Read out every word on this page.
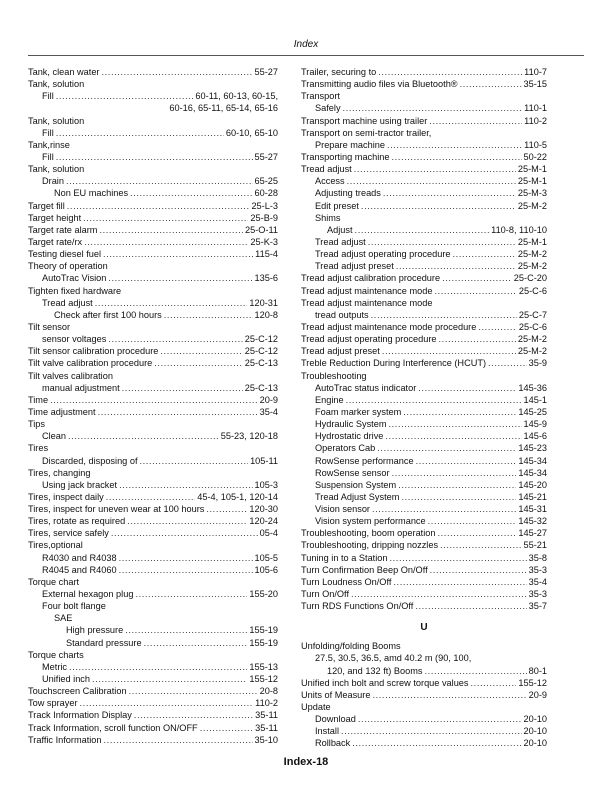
Index
Tank, clean water .....	55-27
Tank, solution
Fill .....	60-11, 60-13, 60-15,
60-16, 65-11, 65-14, 65-16
Tank, solution
Fill .....	60-10, 65-10
Tank,rinse
Fill .....	55-27
Tank, solution
Drain .....	65-25
Non EU machines .....	60-28
Target fill .....	25-L-3
Target height .....	25-B-9
Target rate alarm .....	25-O-11
Target rate/rx .....	25-K-3
Testing diesel fuel .....	115-4
Theory of operation
AutoTrac Vision .....	135-6
Tighten fixed hardware
Tread adjust .....	120-31
Check after first 100 hours .....	120-8
Tilt sensor
sensor voltages .....	25-C-12
Tilt sensor calibration procedure .....	25-C-12
Tilt valve calibration procedure .....	25-C-13
Tilt valves calibration
manual adjustment .....	25-C-13
Time .....	20-9
Time adjustment .....	35-4
Tips
Clean .....	55-23, 120-18
Tires
Discarded, disposing of .....	105-11
Tires, changing
Using jack bracket .....	105-3
Tires, inspect daily .....	45-4, 105-1, 120-14
Tires, inspect for uneven wear at 100 hours .....	120-30
Tires, rotate as required .....	120-24
Tires, service safely .....	05-4
Tires,optional
R4030 and R4038 .....	105-5
R4045 and R4060 .....	105-6
Torque chart
External hexagon plug .....	155-20
Four bolt flange
SAE
High pressure .....	155-19
Standard pressure .....	155-19
Torque charts
Metric .....	155-13
Unified inch .....	155-12
Touchscreen Calibration .....	20-8
Tow sprayer .....	110-2
Track Information Display .....	35-11
Track Information, scroll function ON/OFF .....	35-11
Traffic Information .....	35-10
Trailer, securing to .....	110-7
Transmitting audio files via Bluetooth® .....	35-15
Transport
Safely .....	110-1
Transport machine using trailer .....	110-2
Transport on semi-tractor trailer,
Prepare machine .....	110-5
Transporting machine .....	50-22
Tread adjust .....	25-M-1
Access .....	25-M-1
Adjusting treads .....	25-M-3
Edit preset .....	25-M-2
Shims
Adjust .....	110-8, 110-10
Tread adjust .....	25-M-1
Tread adjust operating procedure .....	25-M-2
Tread adjust preset .....	25-M-2
Tread adjust calibration procedure .....	25-C-20
Tread adjust maintenance mode .....	25-C-6
Tread adjust maintenance mode
tread outputs .....	25-C-7
Tread adjust maintenance mode procedure .....	25-C-6
Tread adjust operating procedure .....	25-M-2
Tread adjust preset .....	25-M-2
Treble Reduction During Interference (HCUT) .....	35-9
Troubleshooting
AutoTrac status indicator .....	145-36
Engine .....	145-1
Foam marker system .....	145-25
Hydraulic System .....	145-9
Hydrostatic drive .....	145-6
Operators Cab .....	145-23
RowSense performance .....	145-34
RowSense sensor .....	145-34
Suspension System .....	145-20
Tread Adjust System .....	145-21
Vision sensor .....	145-31
Vision system performance .....	145-32
Troubleshooting, boom operation .....	145-27
Troubleshooting, dripping nozzles .....	55-21
Tuning in to a Station .....	35-8
Turn Confirmation Beep On/Off .....	35-3
Turn Loudness On/Off .....	35-4
Turn On/Off .....	35-3
Turn RDS Functions On/Off .....	35-7
U
Unfolding/folding Booms
27.5, 30.5, 36.5, amd 40.2 m (90, 100,
120, and 132 ft) Booms .....	80-1
Unified inch bolt and screw torque values .....	155-12
Units of Measure .....	20-9
Update
Download .....	20-10
Install .....	20-10
Rollback .....	20-10
Index-18
